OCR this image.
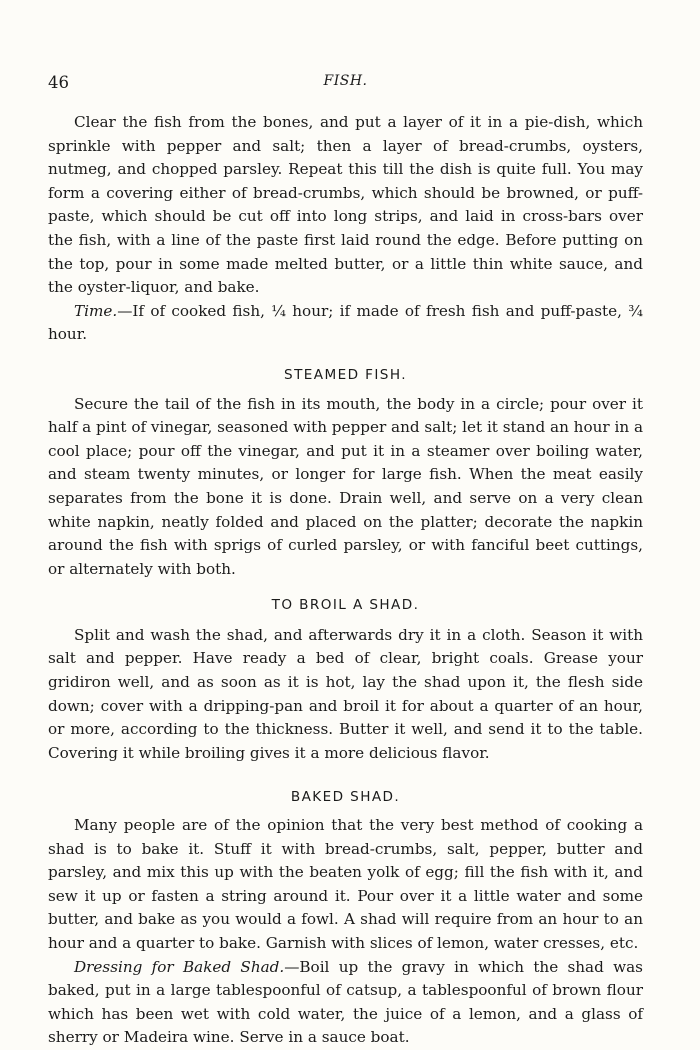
46	FISH.

Clear the fish from the bones, and put a layer of it in a pie-dish, which sprinkle with pepper and salt; then a layer of bread-crumbs, oysters, nutmeg, and chopped parsley. Repeat this till the dish is quite full. You may form a covering either of bread-crumbs, which should be browned, or puff-paste, which should be cut off into long strips, and laid in cross-bars over the fish, with a line of the paste first laid round the edge. Before putting on the top, pour in some made melted butter, or a little thin white sauce, and the oyster-liquor, and bake.

Time.—If of cooked fish, ¼ hour; if made of fresh fish and puff-paste, ¾ hour.

STEAMED FISH.

Secure the tail of the fish in its mouth, the body in a circle; pour over it half a pint of vinegar, seasoned with pepper and salt; let it stand an hour in a cool place; pour off the vinegar, and put it in a steamer over boiling water, and steam twenty minutes, or longer for large fish. When the meat easily separates from the bone it is done. Drain well, and serve on a very clean white napkin, neatly folded and placed on the platter; decorate the napkin around the fish with sprigs of curled parsley, or with fanciful beet cuttings, or alternately with both.

TO BROIL A SHAD.

Split and wash the shad, and afterwards dry it in a cloth. Season it with salt and pepper. Have ready a bed of clear, bright coals. Grease your gridiron well, and as soon as it is hot, lay the shad upon it, the flesh side down; cover with a dripping-pan and broil it for about a quarter of an hour, or more, according to the thickness. Butter it well, and send it to the table. Covering it while broiling gives it a more delicious flavor.

BAKED SHAD.

Many people are of the opinion that the very best method of cooking a shad is to bake it. Stuff it with bread-crumbs, salt, pepper, butter and parsley, and mix this up with the beaten yolk of egg; fill the fish with it, and sew it up or fasten a string around it. Pour over it a little water and some butter, and bake as you would a fowl. A shad will require from an hour to an hour and a quarter to bake. Garnish with slices of lemon, water cresses, etc.

Dressing for Baked Shad.—Boil up the gravy in which the shad was baked, put in a large tablespoonful of catsup, a tablespoonful of brown flour which has been wet with cold water, the juice of a lemon, and a glass of sherry or Madeira wine. Serve in a sauce boat.
